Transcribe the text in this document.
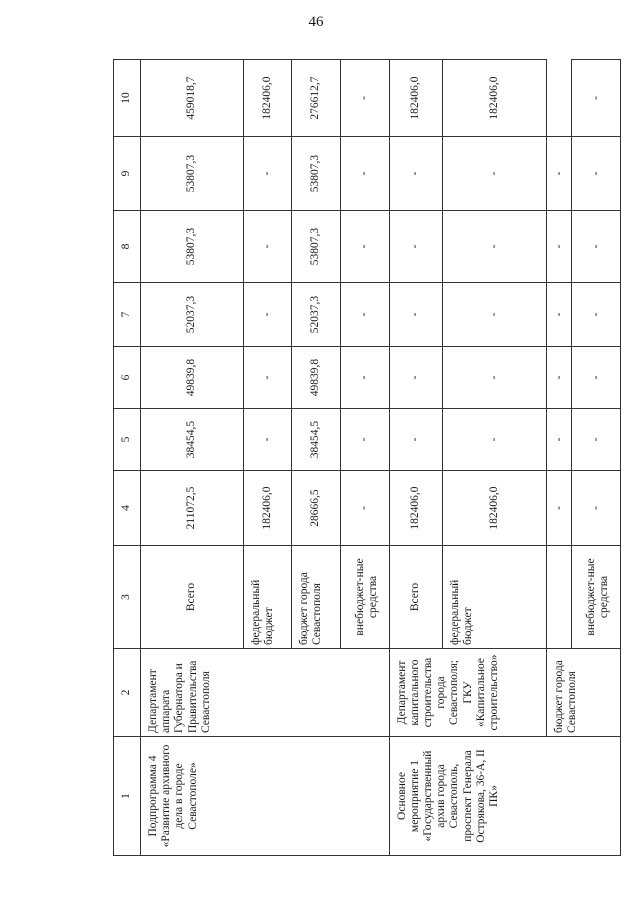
46
1	2	3	4	5	6	7	8	9	10
Подпрограмма 4 «Развитие архивного дела в городе Севастополе»	Департамент аппарата Губернатора и Правительства Севастополя	Всего	211072,5	38454,5	49839,8	52037,3	53807,3	53807,3	459018,7
		федеральный бюджет	182406,0	-	-	-	-	-	182406,0
		бюджет города Севастополя	28666,5	38454,5	49839,8	52037,3	53807,3	53807,3	276612,7
		внебюджет-ные средства	-	-	-	-	-	-	-
Основное мероприятие 1 «Государственный архив города Севастополь, проспект Генерала Острякова, 36-А, II ПК»	Департамент капитального строительства города Севастополя; ГКУ «Капитальное строительство»	Всего	182406,0	-	-	-	-	-	182406,0
		федеральный бюджет	182406,0	-	-	-	-	-	182406,0
	бюджет города Севастополя		-	-	-	-	-	-	
		внебюджет-ные средства	-	-	-	-	-	-	-
